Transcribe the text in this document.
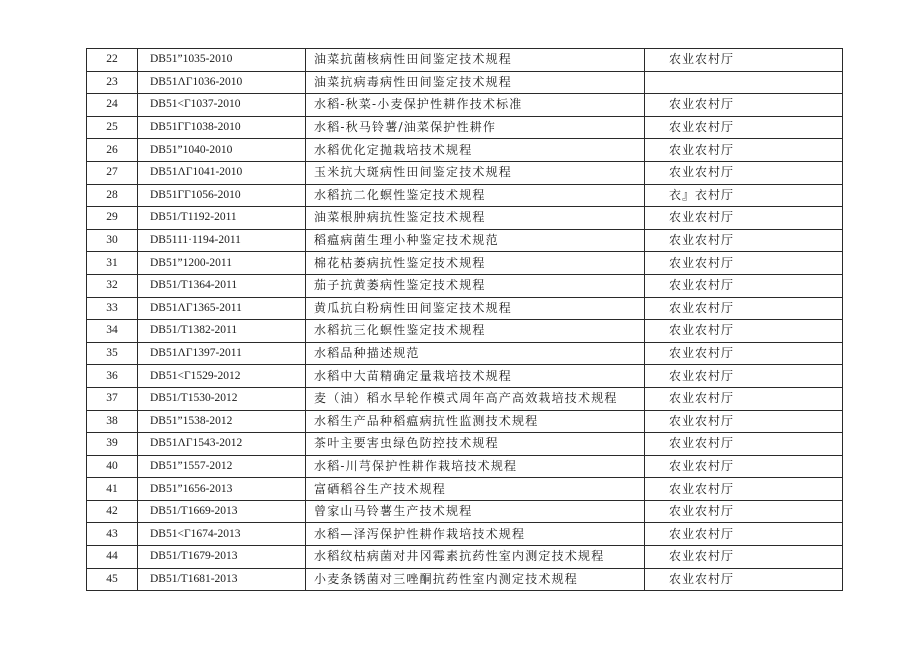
22	DB51”1035-2010	油菜抗菌核病性田间鉴定技术规程	农业农村厅
23	DB51ΛΓ1036-2010	油菜抗病毒病性田间鉴定技术规程	
24	DB51<Γ1037-2010	水稻-秋菜-小麦保护性耕作技术标准	农业农村厅
25	DB51ΓΓ1038-2010	水稻-秋马铃薯/油菜保护性耕作	农业农村厅
26	DB51”1040-2010	水稻优化定抛栽培技术规程	农业农村厅
27	DB51ΛΓ1041-2010	玉米抗大斑病性田间鉴定技术规程	农业农村厅
28	DB51ΓΓ1056-2010	水稻抗二化螟性鉴定技术规程	衣』衣村厅
29	DB51/T1192-2011	油菜根肿病抗性鉴定技术规程	农业农村厅
30	DB5111·1194-2011	稻瘟病菌生理小种鉴定技术规范	农业农村厅
31	DB51”1200-2011	棉花枯萎病抗性鉴定技术规程	农业农村厅
32	DB51/T1364-2011	茄子抗黄萎病性鉴定技术规程	农业农村厅
33	DB51ΛΓ1365-2011	黄瓜抗白粉病性田间鉴定技术规程	农业农村厅
34	DB51/T1382-2011	水稻抗三化螟性鉴定技术规程	农业农村厅
35	DB51ΛΓ1397-2011	水稻品种描述规范	农业农村厅
36	DB51<Γ1529-2012	水稻中大苗精确定量栽培技术规程	农业农村厅
37	DB51/T1530-2012	麦（油）稻水旱轮作模式周年高产高效栽培技术规程	农业农村厅
38	DB51”1538-2012	水稻生产品种稻瘟病抗性监测技术规程	农业农村厅
39	DB51ΛΓ1543-2012	茶叶主要害虫绿色防控技术规程	农业农村厅
40	DB51”1557-2012	水稻-川芎保护性耕作栽培技术规程	农业农村厅
41	DB51”1656-2013	富硒稻谷生产技术规程	农业农村厅
42	DB51/T1669-2013	曾家山马铃薯生产技术规程	农业农村厅
43	DB51<Γ1674-2013	水稻—泽泻保护性耕作栽培技术规程	农业农村厅
44	DB51/T1679-2013	水稻纹枯病菌对井冈霉素抗药性室内测定技术规程	农业农村厅
45	DB51/T1681-2013	小麦条锈菌对三唑酮抗药性室内测定技术规程	农业农村厅
